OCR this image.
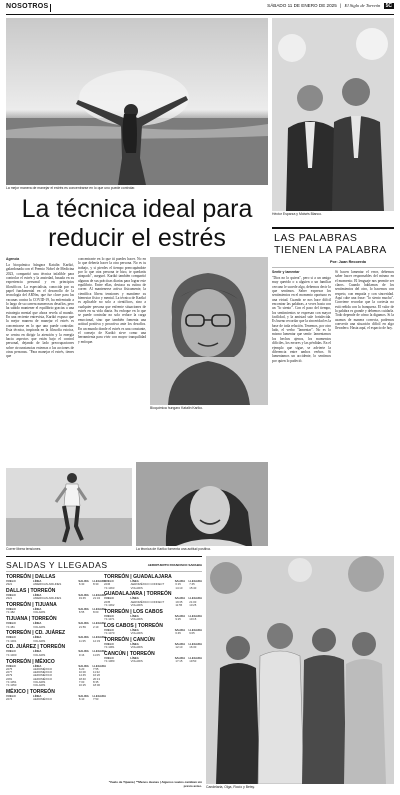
NOSOTROS	SÁBADO 11 DE ENERO DE 2025 | El Siglo de Torreón 5C
La mejor manera de manejar el estrés es concentrarse en lo que uno puede controlar.
Héctor Esparza y Moisés Blanco.
La técnica ideal para reducir el estrés
Agencia
La bioquímica húngara Katalin Karikó, galardonada con el Premio Nobel de Medicina 2023, compartió una técnica infalible para controlar el estrés y la ansiedad, basada en su experiencia personal y en principios filosóficos. La especialista, conocida por su papel fundamental en el desarrollo de la tecnología del ARNm, que fue clave para las vacunas contra la COVID-19, ha enfrentado a lo largo de su carrera numerosos desafíos, pero ha sabido mantener el equilibrio gracias a una estrategia mental que ahora revela al mundo. En una reciente entrevista, Karikó expuso que la mejor manera de manejar el estrés es concentrarse en lo que uno puede controlar. Esta técnica, inspirada en la filosofía estoica, se centra en dirigir la atención y la energía hacia aspectos que están bajo el control personal, dejando de lado preocupaciones sobre circunstancias externas o las acciones de otras personas. "Para manejar el estrés, tienes que
concentrarte en lo que tú puedes hacer. No en lo que debería hacer la otra persona. No es tu trabajo, y si pierdes el tiempo preocupándote por lo que otra persona te hizo, te quedarás atrapado", aseguró. Karikó también compartió algunas de sus prácticas diarias para lograr este equilibrio. Entre ellas, destaca su rutina de correr. Al mantenerse activa físicamente, la científica libera tensiones y mantiene su bienestar físico y mental. La técnica de Karikó es aplicable no solo a científicos, sino a cualquier persona que enfrente situaciones de estrés en su vida diaria. Su enfoque en lo que se puede controlar no solo reduce la carga emocional, sino que también fomenta una actitud positiva y proactiva ante los desafíos. En un mundo donde el estrés es una constante, el consejo de Karikó sirve como una herramienta para vivir con mayor tranquilidad y enfoque.
Bioquímica hungaro Katalin Kariko.
Correr libera tensiones.	La técnica de Kariko fomenta una actitud positiva.
LAS PALABRAS TIENEN LA PALABRA
Por: Juan Recoerdo
Sentir y lamentar
"Dios no lo quiera", pero si a un amigo muy querido o a alguien o un familiar cercano le sucede algo, debemos decir lo que sentimos. Saber expresar los sentimientos en el momento oportuno es una virtud. Cuando se nos hace difícil encontrar las palabras, a veces basta con un "lo siento". Con el paso del tiempo, los sentimientos se expresan con mayor facilidad, y la amistad sale fortalecida. Es bueno recordar que la sinceridad es la base de toda relación. Tenemos, por otro lado, el verbo "lamentar". No es lo mismo lamentar que sentir: lamentamos los hechos ajenos, los momentos difíciles, los errores y las pérdidas. En el ejemplo que sigue, se advierte la diferencia entre ambos verbos. Si lamentamos un accidente, lo sentimos por quien lo padeció.
Si hacen lamentar el error, debemos saber hacer responsables del mismo en el momento. El lenguaje nos permite ser claros. Cuando hablamos de los sentimientos del otro, lo hacemos con respeto, con empatía y con sinceridad. Aquí cabe una frase: "lo siento mucho". Conviene recordar que la cortesía no está reñida con la franqueza. El valor de la palabra es grande y debemos cuidarla. Todo depende de cómo la digamos. Si la usamos de manera correcta, podemos convertir una situación difícil en algo llevadero. Hasta aquí, el espacio de hoy.
SALIDAS Y LLEGADAS	AEROPUERTO FRANCISCO SARABIA
TORREÓN | DALLAS
VUELO	LÍNEA	SALIDA LLEGADA
2321	AMERICAN AIRLINES	6:30	8:30
DALLAS | TORREÓN
VUELO	LÍNEA	SALIDA LLEGADA
2321	AMERICAN AIRLINES	19:45	21:34
TORREÓN | TIJUANA
VUELO	LÍNEA	SALIDA LLEGADA
Y4 482	VOLARIS	6:55	8:00
TIJUANA | TORREÓN
VUELO	LÍNEA	SALIDA LLEGADA
Y4 481	VOLARIS	21:59	2:19
TORREÓN | CD. JUÁREZ
VUELO	LÍNEA	SALIDA LLEGADA
Y4 1001	VOLARIS	11:35	12:33
CD. JUÁREZ | TORREÓN
VUELO	LÍNEA	SALIDA LLEGADA
Y4 1000	VOLARIS	9:16	11:05
TORREÓN | MÉXICO
VUELO	LÍNEA	SALIDA LLEGADA
2275	AEROMÉXICO	6:20	7:55
2277	AEROMÉXICO	10:00	11:32
2279	AEROMÉXICO	14:45	16:20
2281	AEROMÉXICO	18:40	20:13
Y4 1051	VOLARIS	7:00	8:35
Y4 1053	VOLARIS	16:25	18:00
MÉXICO | TORREÓN
VUELO	LÍNEA	SALIDA LLEGADA
2274	AEROMÉXICO	6:10	7:53
TORREÓN | GUADALAJARA
VUELO	LÍNEA	SALIDA LLEGADA
2236	AEROMÉXICO CONNECT	6:15	7:45
Y4 1063	VOLARIS	14:10	15:40
GUADALAJARA | TORREÓN
VUELO	LÍNEA	SALIDA LLEGADA
2235	AEROMÉXICO CONNECT	19:35	21:00
Y4 1062	VOLARIS	11:55	13:25
TORREÓN | LOS CABOS
VUELO	LÍNEA	SALIDA LLEGADA
Y4 1071	VOLARIS	9:25	10:15
LOS CABOS | TORREÓN
VUELO	LÍNEA	SALIDA LLEGADA
Y4 1070	VOLARIS	6:45	9:05
TORREÓN | CANCÚN
VUELO	LÍNEA	SALIDA LLEGADA
Y4 1081	VOLARIS	12:10	16:30
CANCÚN | TORREÓN
VUELO	LÍNEA	SALIDA LLEGADA
Y4 1080	VOLARIS	17:15	19:50
*Vuelo de Tijuana | **Menos Juanes | Algunos vuelos cambian sin previo aviso. Candelaria, Olga, Rocío y Betsy.
